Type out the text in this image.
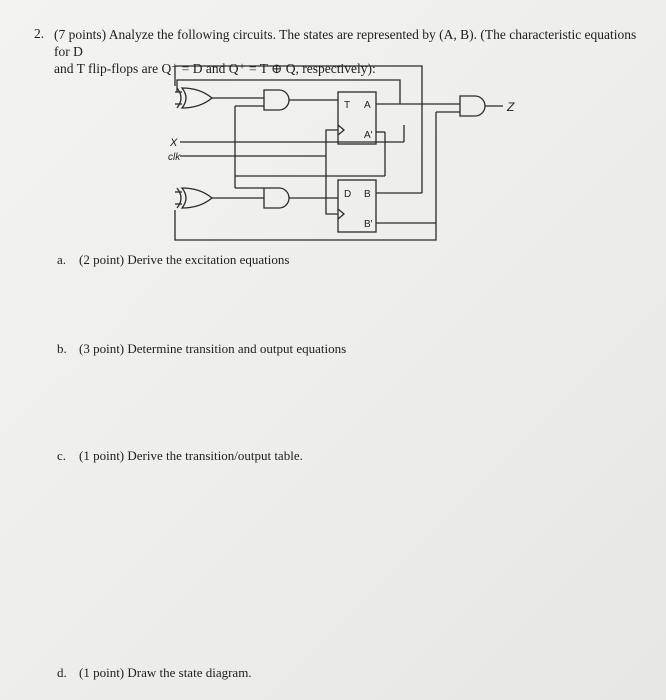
2. (7 points) Analyze the following circuits. The states are represented by (A, B). (The characteristic equations for D
and T flip-flops are Q⁺ = D and Q⁺ = T ⊕ Q, respectively):
T A
A'
D B
B'
X
clk
Z
a. (2 point) Derive the excitation equations
b. (3 point) Determine transition and output equations
c. (1 point) Derive the transition/output table.
d. (1 point) Draw the state diagram.
